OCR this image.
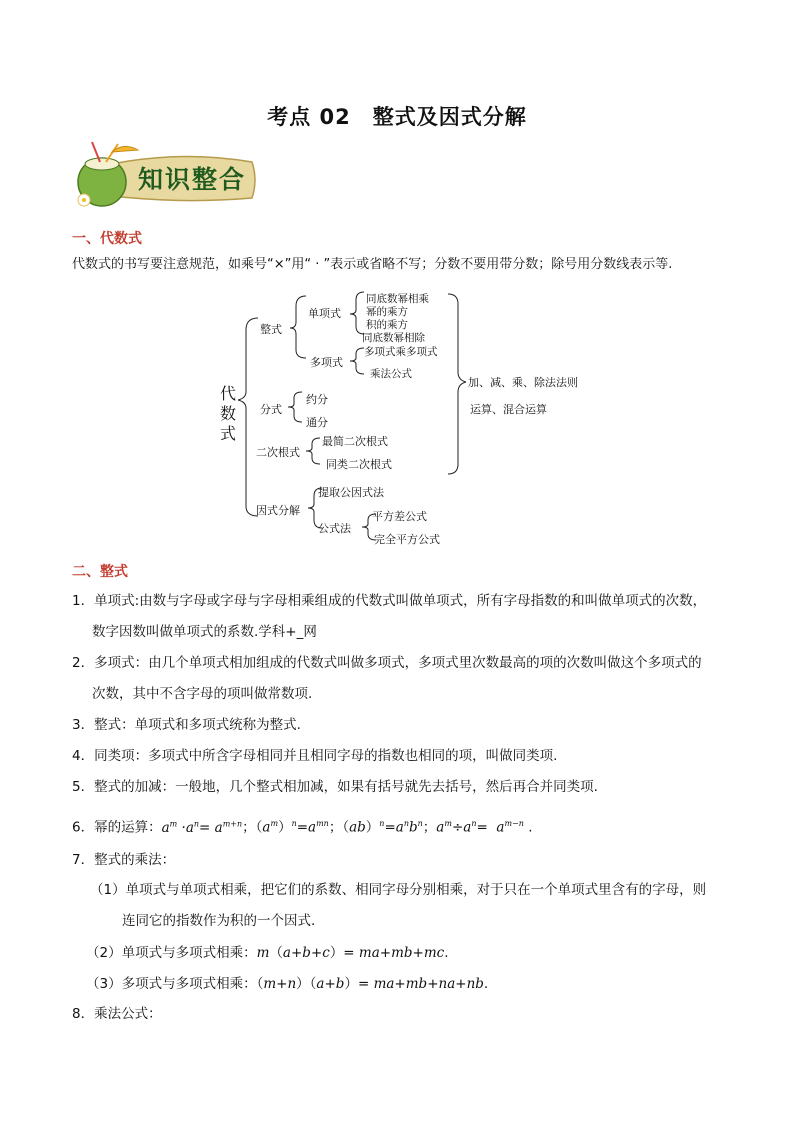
考点 02　整式及因式分解
知识整合
一、代数式
代数式的书写要注意规范，如乘号“×”用“ · ”表示或省略不写；分数不要用带分数；除号用分数线表示等.
代数式
整式
单项式
多项式
同底数幂相乘
幂的乘方
积的乘方
同底数幂相除
多项式乘多项式
乘法公式
分式
约分
通分
二次根式
最简二次根式
同类二次根式
加、减、乘、除法法则
运算、混合运算
因式分解
提取公因式法
公式法
平方差公式
完全平方公式
二、整式
1．单项式:由数与字母或字母与字母相乘组成的代数式叫做单项式，所有字母指数的和叫做单项式的次数，
数字因数叫做单项式的系数.学科+_网
2．多项式：由几个单项式相加组成的代数式叫做多项式，多项式里次数最高的项的次数叫做这个多项式的
次数，其中不含字母的项叫做常数项.
3．整式：单项式和多项式统称为整式.
4．同类项：多项式中所含字母相同并且相同字母的指数也相同的项，叫做同类项.
5．整式的加减：一般地，几个整式相加减，如果有括号就先去括号，然后再合并同类项.
6．幂的运算：$a^m \cdot a^n= a^{m+n}$；$(a^m)^n=a^{mn}$；$(ab)^n=a^nb^n$；$a^m\div a^n= a^{m-n}$ .
7．整式的乘法：
（1）单项式与单项式相乘，把它们的系数、相同字母分别相乘，对于只在一个单项式里含有的字母，则
连同它的指数作为积的一个因式.
（2）单项式与多项式相乘：m（a+b+c）= ma+mb+mc.
（3）多项式与多项式相乘：（m+n）（a+b）= ma+mb+na+nb.
8．乘法公式：
